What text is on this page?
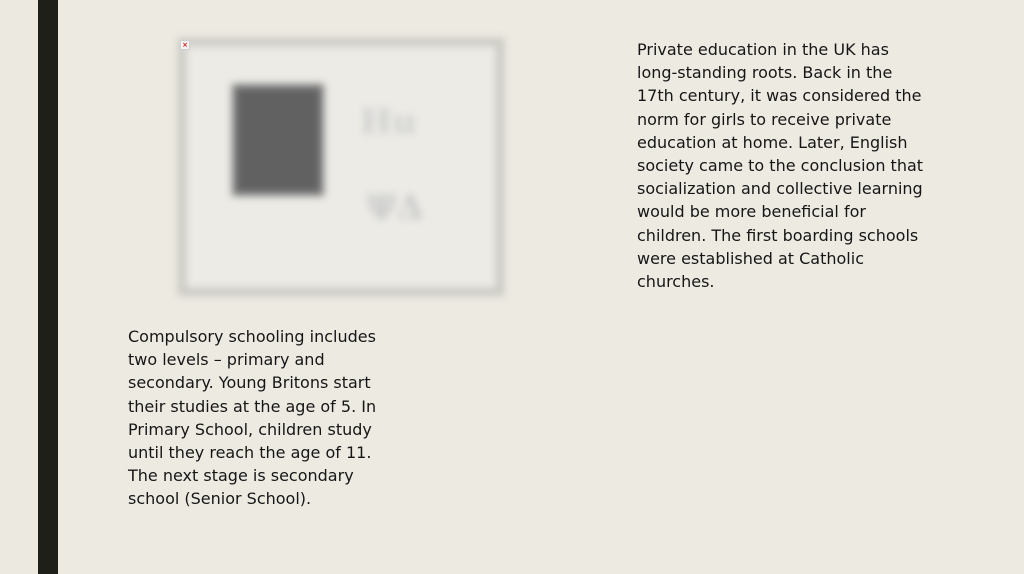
Hu
ΨΔ
×	Private education in the UK has
long-standing roots. Back in the
17th century, it was considered the
norm for girls to receive private
education at home. Later, English
society came to the conclusion that
socialization and collective learning
would be more beneficial for
children. The first boarding schools
were established at Catholic
churches.
Compulsory schooling includes
two levels – primary and
secondary. Young Britons start
their studies at the age of 5. In
Primary School, children study
until they reach the age of 11.
The next stage is secondary
school (Senior School).
